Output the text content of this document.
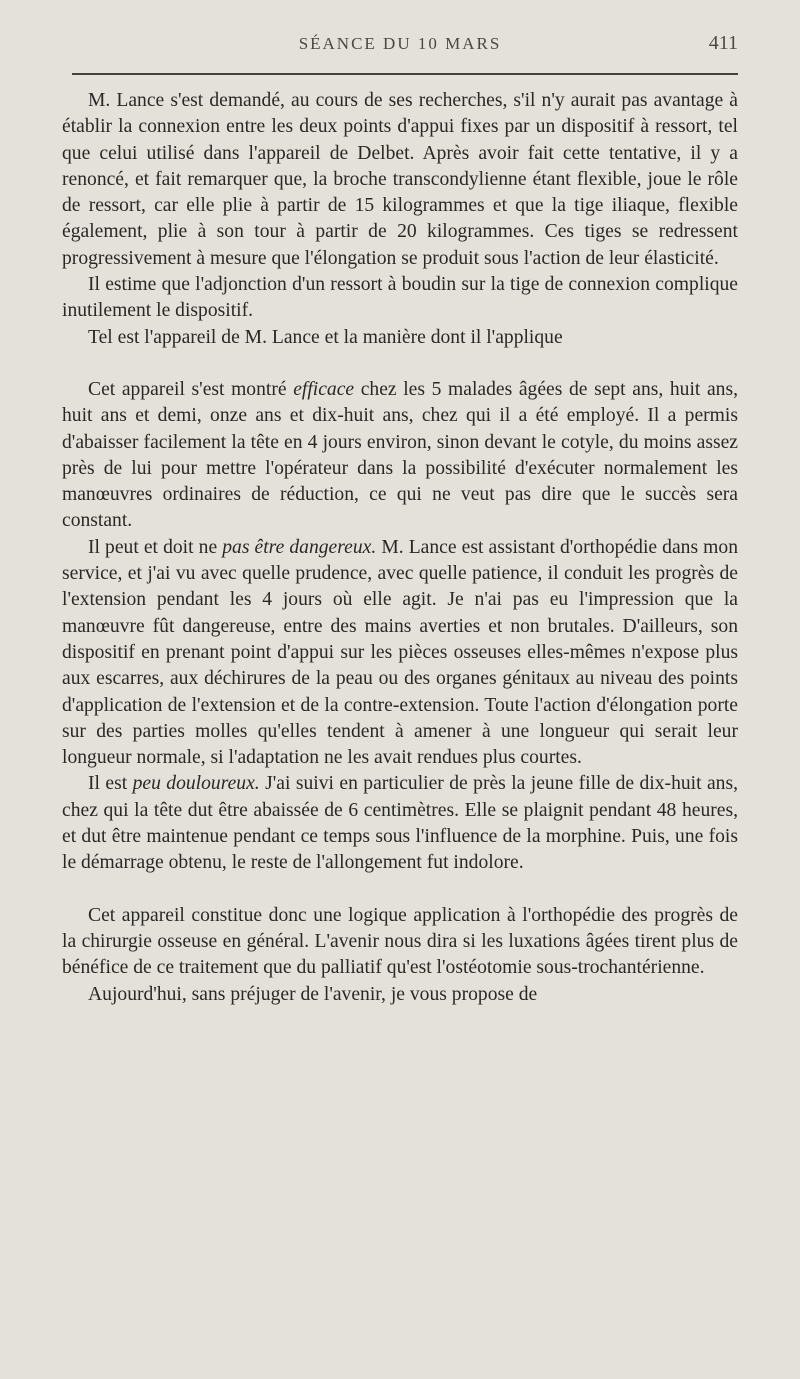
SÉANCE DU 10 MARS	411

M. Lance s'est demandé, au cours de ses recherches, s'il n'y aurait pas avantage à établir la connexion entre les deux points d'appui fixes par un dispositif à ressort, tel que celui utilisé dans l'appareil de Delbet. Après avoir fait cette tentative, il y a renoncé, et fait remarquer que, la broche transcondylienne étant flexible, joue le rôle de ressort, car elle plie à partir de 15 kilogrammes et que la tige iliaque, flexible également, plie à son tour à partir de 20 kilogrammes. Ces tiges se redressent progressivement à mesure que l'élongation se produit sous l'action de leur élasticité.

Il estime que l'adjonction d'un ressort à boudin sur la tige de connexion complique inutilement le dispositif.

Tel est l'appareil de M. Lance et la manière dont il l'applique

Cet appareil s'est montré efficace chez les 5 malades âgées de sept ans, huit ans, huit ans et demi, onze ans et dix-huit ans, chez qui il a été employé. Il a permis d'abaisser facilement la tête en 4 jours environ, sinon devant le cotyle, du moins assez près de lui pour mettre l'opérateur dans la possibilité d'exécuter normalement les manœuvres ordinaires de réduction, ce qui ne veut pas dire que le succès sera constant.

Il peut et doit ne pas être dangereux. M. Lance est assistant d'orthopédie dans mon service, et j'ai vu avec quelle prudence, avec quelle patience, il conduit les progrès de l'extension pendant les 4 jours où elle agit. Je n'ai pas eu l'impression que la manœuvre fût dangereuse, entre des mains averties et non brutales. D'ailleurs, son dispositif en prenant point d'appui sur les pièces osseuses elles-mêmes n'expose plus aux escarres, aux déchirures de la peau ou des organes génitaux au niveau des points d'application de l'extension et de la contre-extension. Toute l'action d'élongation porte sur des parties molles qu'elles tendent à amener à une longueur qui serait leur longueur normale, si l'adaptation ne les avait rendues plus courtes.

Il est peu douloureux. J'ai suivi en particulier de près la jeune fille de dix-huit ans, chez qui la tête dut être abaissée de 6 centimètres. Elle se plaignit pendant 48 heures, et dut être maintenue pendant ce temps sous l'influence de la morphine. Puis, une fois le démarrage obtenu, le reste de l'allongement fut indolore.

Cet appareil constitue donc une logique application à l'orthopédie des progrès de la chirurgie osseuse en général. L'avenir nous dira si les luxations âgées tirent plus de bénéfice de ce traitement que du palliatif qu'est l'ostéotomie sous-trochantérienne.

Aujourd'hui, sans préjuger de l'avenir, je vous propose de
